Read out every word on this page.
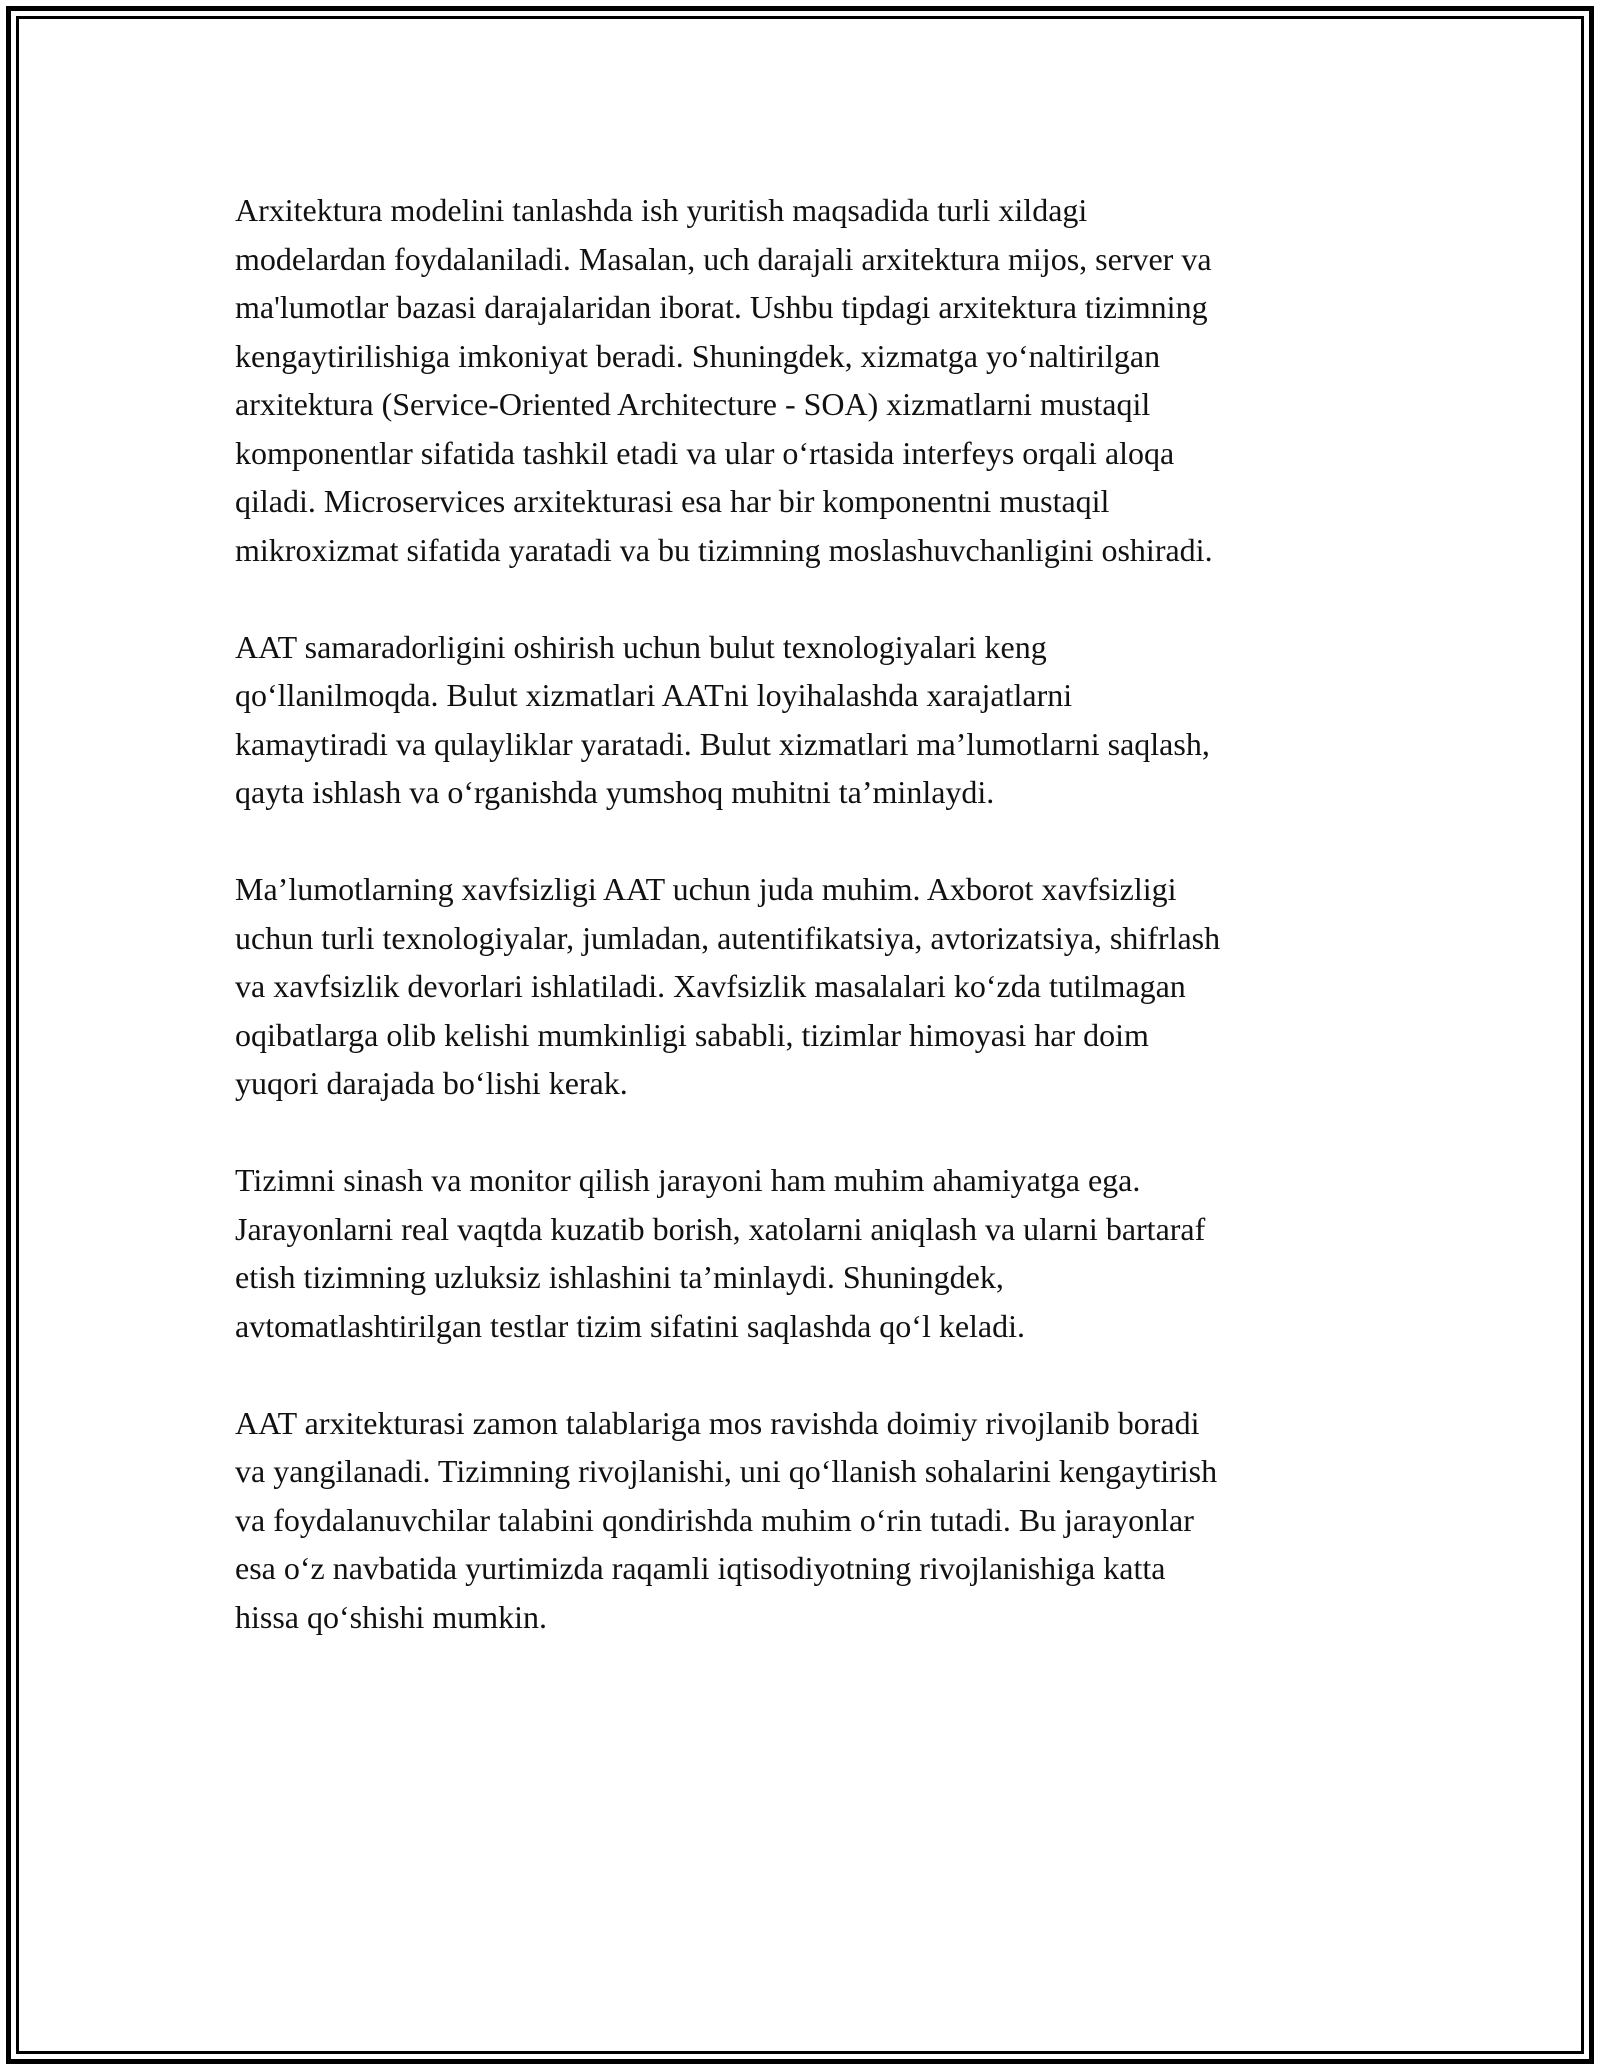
Arxitektura modelini tanlashda ish yuritish maqsadida turli xildagi
modelardan foydalaniladi. Masalan, uch darajali arxitektura mijos, server va
ma'lumotlar bazasi darajalaridan iborat. Ushbu tipdagi arxitektura tizimning
kengaytirilishiga imkoniyat beradi. Shuningdek, xizmatga yo‘naltirilgan
arxitektura (Service-Oriented Architecture - SOA) xizmatlarni mustaqil
komponentlar sifatida tashkil etadi va ular o‘rtasida interfeys orqali aloqa
qiladi. Microservices arxitekturasi esa har bir komponentni mustaqil
mikroxizmat sifatida yaratadi va bu tizimning moslashuvchanligini oshiradi.

AAT samaradorligini oshirish uchun bulut texnologiyalari keng
qo‘llanilmoqda. Bulut xizmatlari AATni loyihalashda xarajatlarni
kamaytiradi va qulayliklar yaratadi. Bulut xizmatlari ma’lumotlarni saqlash,
qayta ishlash va o‘rganishda yumshoq muhitni ta’minlaydi.

Ma’lumotlarning xavfsizligi AAT uchun juda muhim. Axborot xavfsizligi
uchun turli texnologiyalar, jumladan, autentifikatsiya, avtorizatsiya, shifrlash
va xavfsizlik devorlari ishlatiladi. Xavfsizlik masalalari ko‘zda tutilmagan
oqibatlarga olib kelishi mumkinligi sababli, tizimlar himoyasi har doim
yuqori darajada bo‘lishi kerak.

Tizimni sinash va monitor qilish jarayoni ham muhim ahamiyatga ega.
Jarayonlarni real vaqtda kuzatib borish, xatolarni aniqlash va ularni bartaraf
etish tizimning uzluksiz ishlashini ta’minlaydi. Shuningdek,
avtomatlashtirilgan testlar tizim sifatini saqlashda qo‘l keladi.

AAT arxitekturasi zamon talablariga mos ravishda doimiy rivojlanib boradi
va yangilanadi. Tizimning rivojlanishi, uni qo‘llanish sohalarini kengaytirish
va foydalanuvchilar talabini qondirishda muhim o‘rin tutadi. Bu jarayonlar
esa o‘z navbatida yurtimizda raqamli iqtisodiyotning rivojlanishiga katta
hissa qo‘shishi mumkin.
